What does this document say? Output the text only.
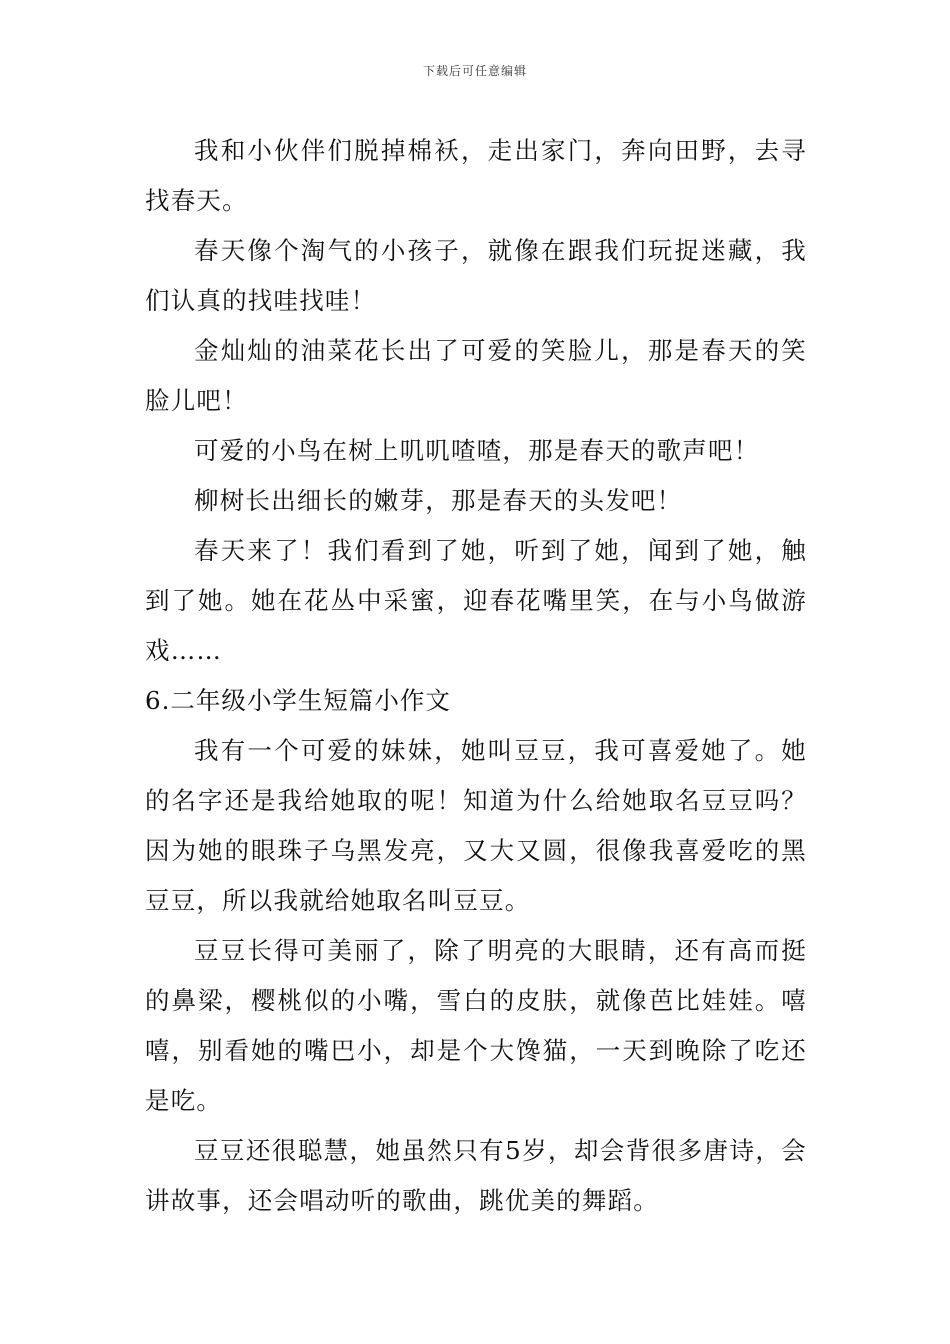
下载后可任意编辑

我和小伙伴们脱掉棉袄，走出家门，奔向田野，去寻找春天。

春天像个淘气的小孩子，就像在跟我们玩捉迷藏，我们认真的找哇找哇！

金灿灿的油菜花长出了可爱的笑脸儿，那是春天的笑脸儿吧！

可爱的小鸟在树上叽叽喳喳，那是春天的歌声吧！

柳树长出细长的嫩芽，那是春天的头发吧！

春天来了！我们看到了她，听到了她，闻到了她，触到了她。她在花丛中采蜜，迎春花嘴里笑，在与小鸟做游戏……

6.二年级小学生短篇小作文

我有一个可爱的妹妹，她叫豆豆，我可喜爱她了。她的名字还是我给她取的呢！知道为什么给她取名豆豆吗？因为她的眼珠子乌黑发亮，又大又圆，很像我喜爱吃的黑豆豆，所以我就给她取名叫豆豆。

豆豆长得可美丽了，除了明亮的大眼睛，还有高而挺的鼻梁，樱桃似的小嘴，雪白的皮肤，就像芭比娃娃。嘻嘻，别看她的嘴巴小，却是个大馋猫，一天到晚除了吃还是吃。

豆豆还很聪慧，她虽然只有5岁，却会背很多唐诗，会讲故事，还会唱动听的歌曲，跳优美的舞蹈。
